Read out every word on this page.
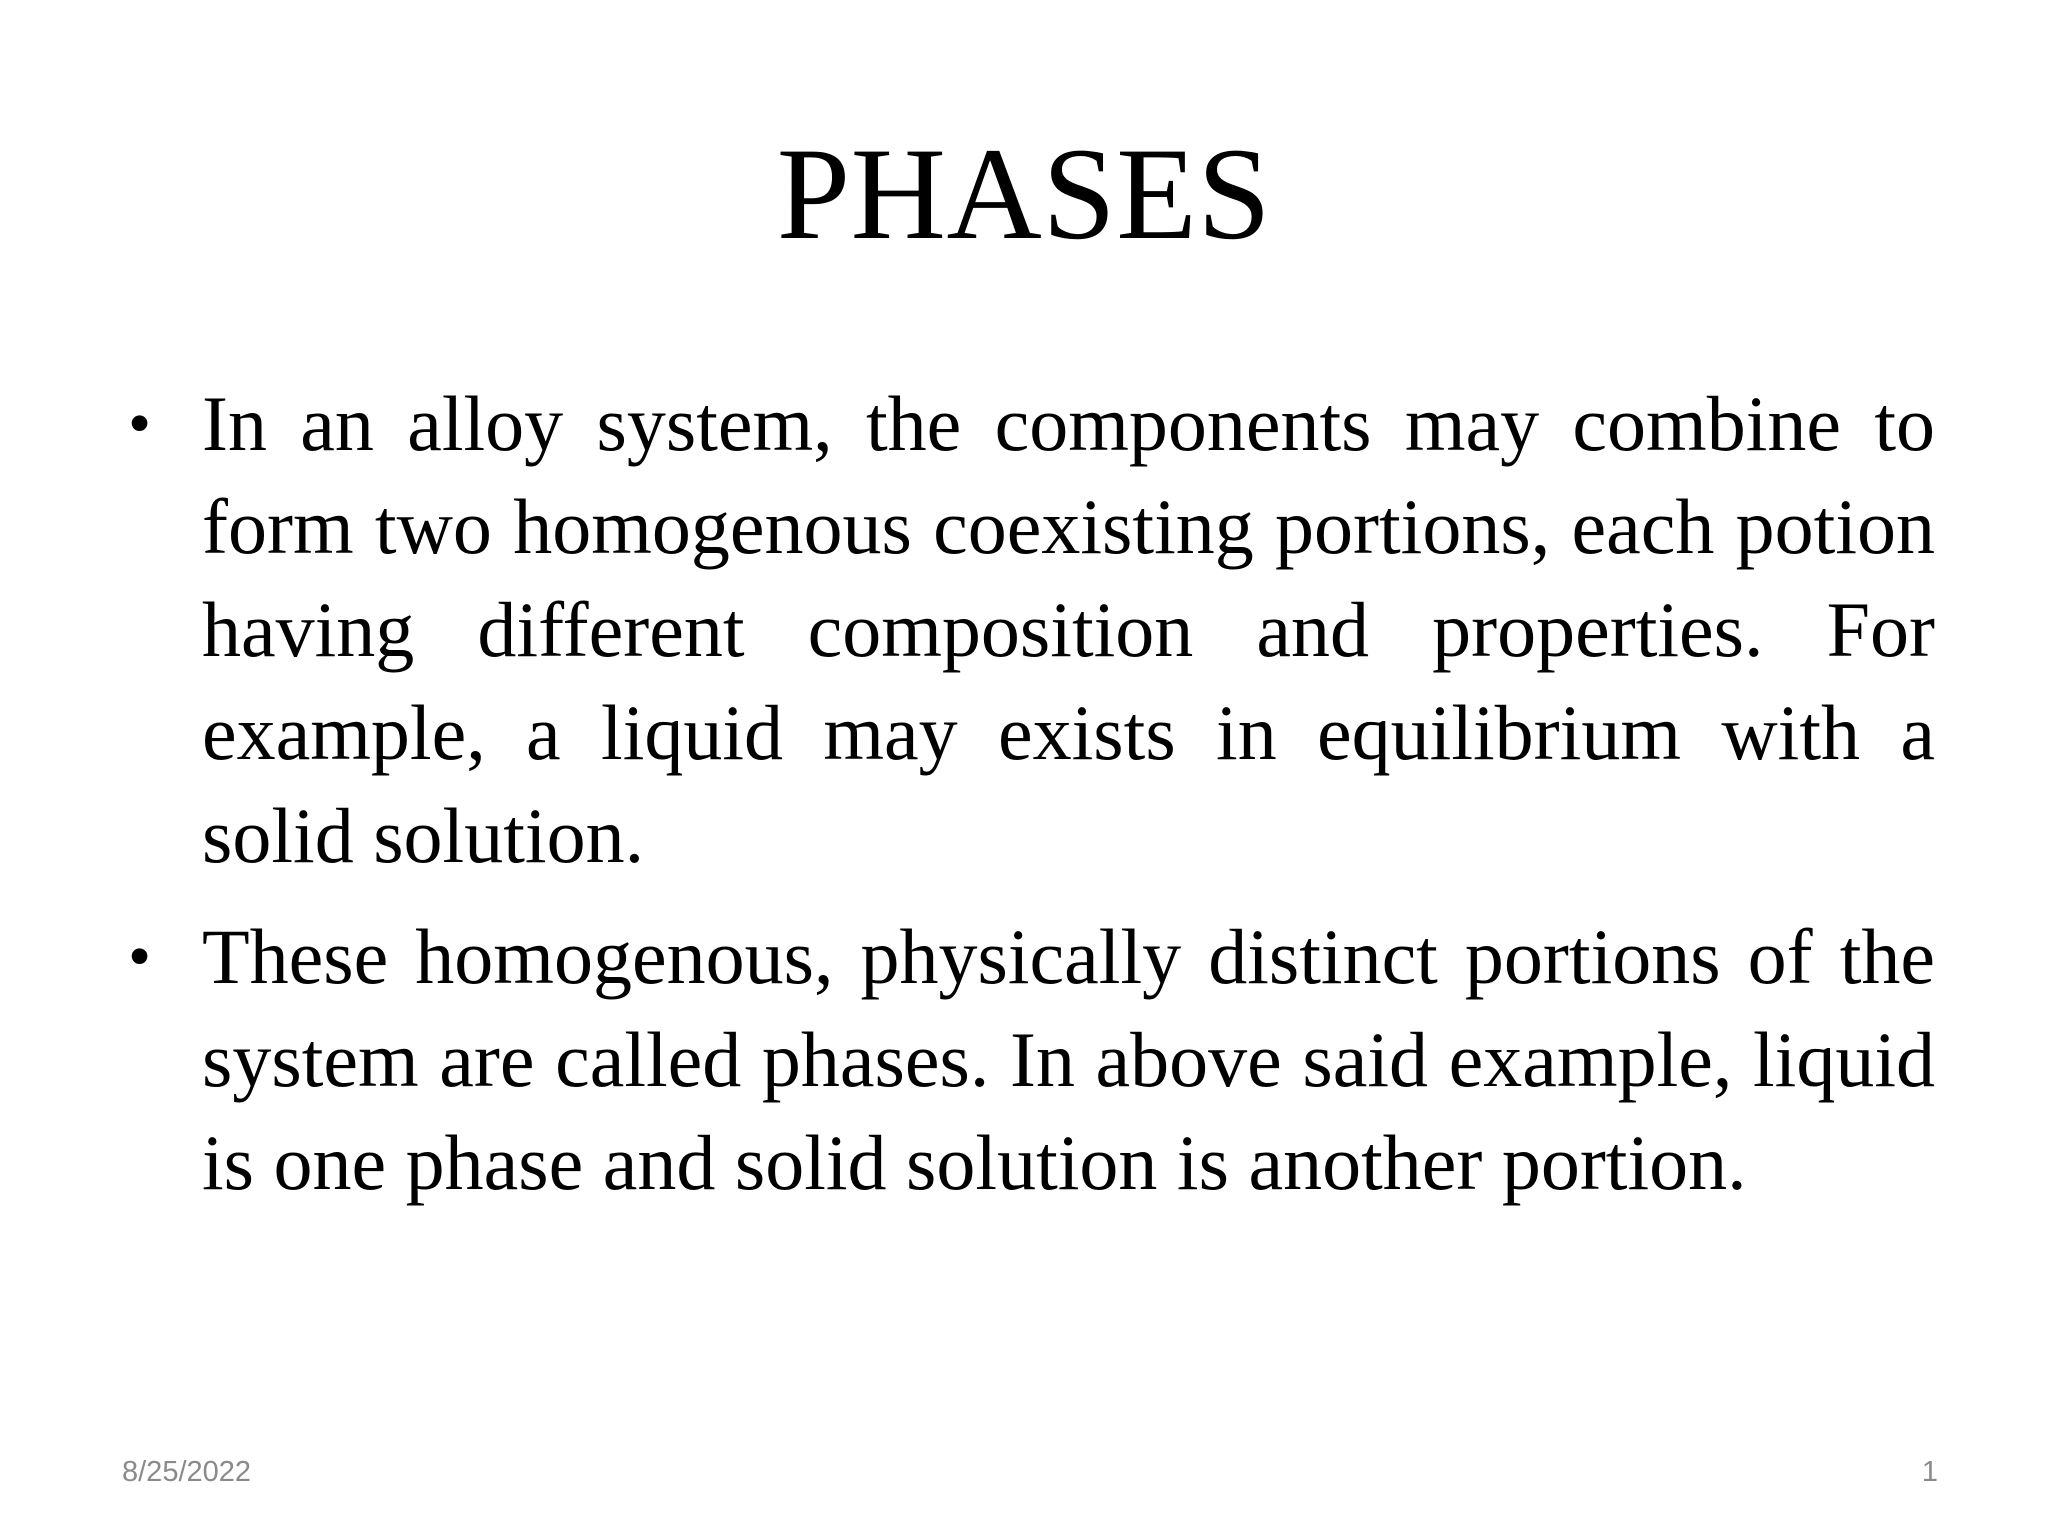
PHASES
• In an alloy system, the components may combine to form two homogenous coexisting portions, each potion having different composition and properties. For example, a liquid may exists in equilibrium with a solid solution.
• These homogenous, physically distinct portions of the system are called phases. In above said example, liquid is one phase and solid solution is another portion.
8/25/2022	1
